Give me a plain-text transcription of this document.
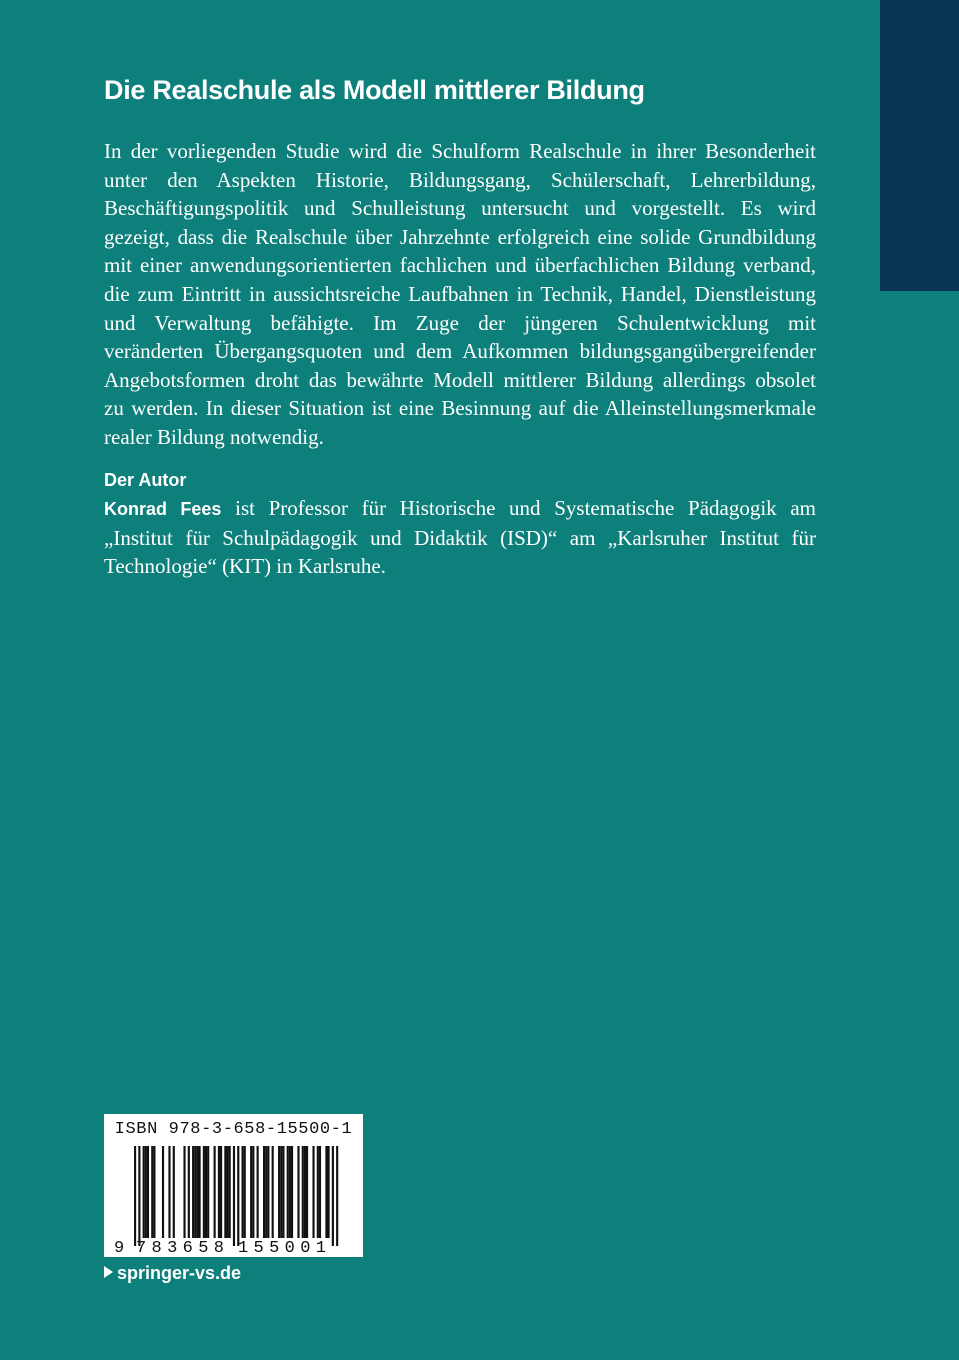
Die Realschule als Modell mittlerer Bildung
In der vorliegenden Studie wird die Schulform Realschule in ihrer Besonderheit
unter den Aspekten Historie, Bildungsgang, Schülerschaft, Lehrerbildung,
Beschäftigungspolitik und Schulleistung untersucht und vorgestellt. Es wird
gezeigt, dass die Realschule über Jahrzehnte erfolgreich eine solide Grundbildung
mit einer anwendungsorientierten fachlichen und überfachlichen Bildung verband,
die zum Eintritt in aussichtsreiche Laufbahnen in Technik, Handel, Dienstleistung
und Verwaltung befähigte. Im Zuge der jüngeren Schulentwicklung mit
veränderten Übergangsquoten und dem Aufkommen bildungsgangübergreifender
Angebotsformen droht das bewährte Modell mittlerer Bildung allerdings obsolet
zu werden. In dieser Situation ist eine Besinnung auf die Alleinstellungsmerkmale
realer Bildung notwendig.
Der Autor
Konrad Fees ist Professor für Historische und Systematische Pädagogik am
„Institut für Schulpädagogik und Didaktik (ISD)“ am „Karlsruher Institut für
Technologie“ (KIT) in Karlsruhe.
ISBN 978-3-658-15500-1
9 783658 155001
springer-vs.de
